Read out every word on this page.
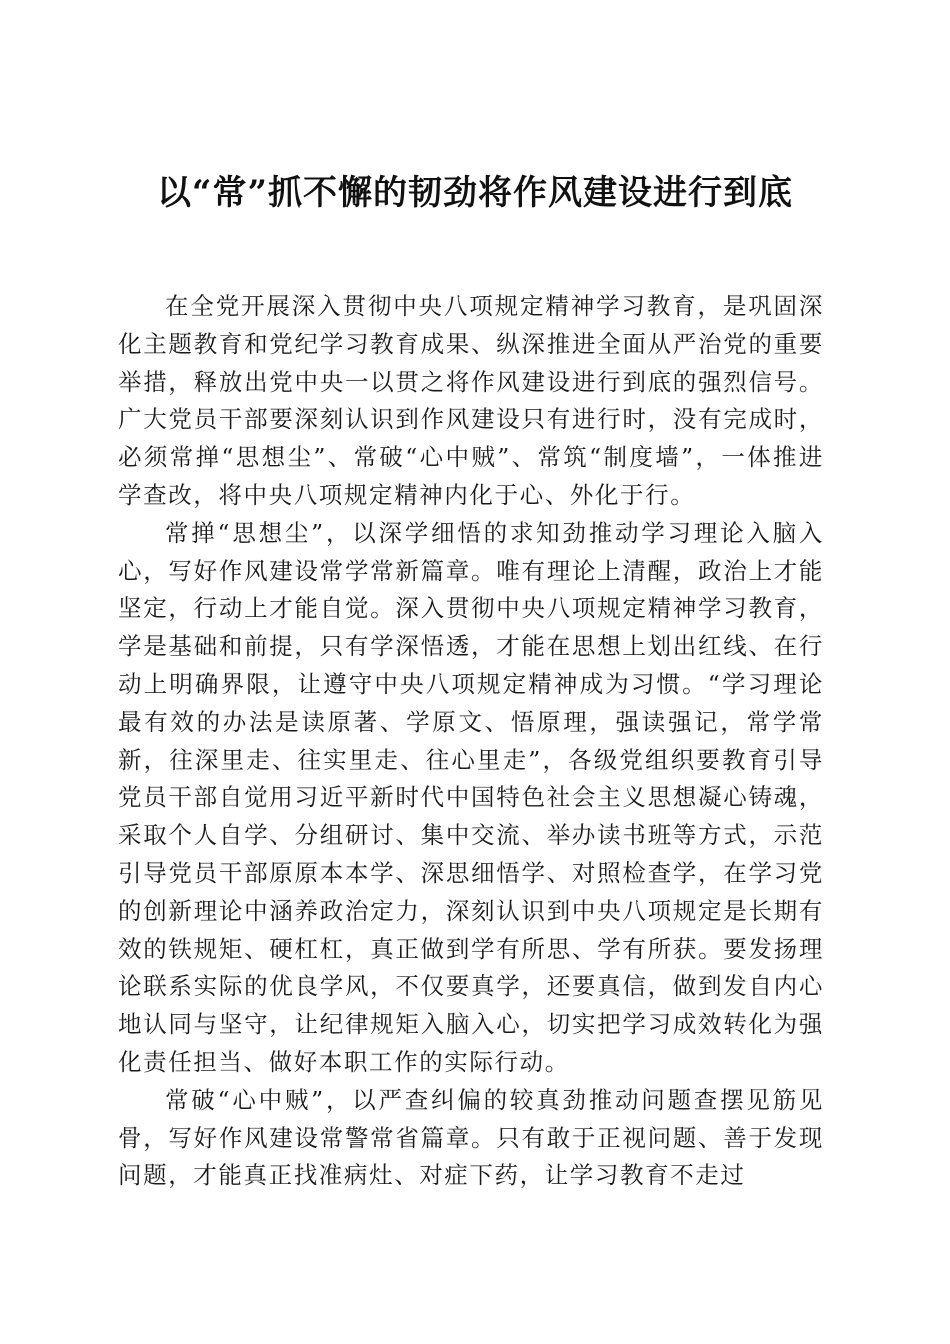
以“常”抓不懈的韧劲将作风建设进行到底

在全党开展深入贯彻中央八项规定精神学习教育，是巩固深化主题教育和党纪学习教育成果、纵深推进全面从严治党的重要举措，释放出党中央一以贯之将作风建设进行到底的强烈信号。广大党员干部要深刻认识到作风建设只有进行时，没有完成时，必须常掸“思想尘”、常破“心中贼”、常筑“制度墙”，一体推进学查改，将中央八项规定精神内化于心、外化于行。

常掸“思想尘”，以深学细悟的求知劲推动学习理论入脑入心，写好作风建设常学常新篇章。唯有理论上清醒，政治上才能坚定，行动上才能自觉。深入贯彻中央八项规定精神学习教育，学是基础和前提，只有学深悟透，才能在思想上划出红线、在行动上明确界限，让遵守中央八项规定精神成为习惯。“学习理论最有效的办法是读原著、学原文、悟原理，强读强记，常学常新，往深里走、往实里走、往心里走”，各级党组织要教育引导党员干部自觉用习近平新时代中国特色社会主义思想凝心铸魂，采取个人自学、分组研讨、集中交流、举办读书班等方式，示范引导党员干部原原本本学、深思细悟学、对照检查学，在学习党的创新理论中涵养政治定力，深刻认识到中央八项规定是长期有效的铁规矩、硬杠杠，真正做到学有所思、学有所获。要发扬理论联系实际的优良学风，不仅要真学，还要真信，做到发自内心地认同与坚守，让纪律规矩入脑入心，切实把学习成效转化为强化责任担当、做好本职工作的实际行动。

常破“心中贼”，以严查纠偏的较真劲推动问题查摆见筋见骨，写好作风建设常警常省篇章。只有敢于正视问题、善于发现问题，才能真正找准病灶、对症下药，让学习教育不走过
